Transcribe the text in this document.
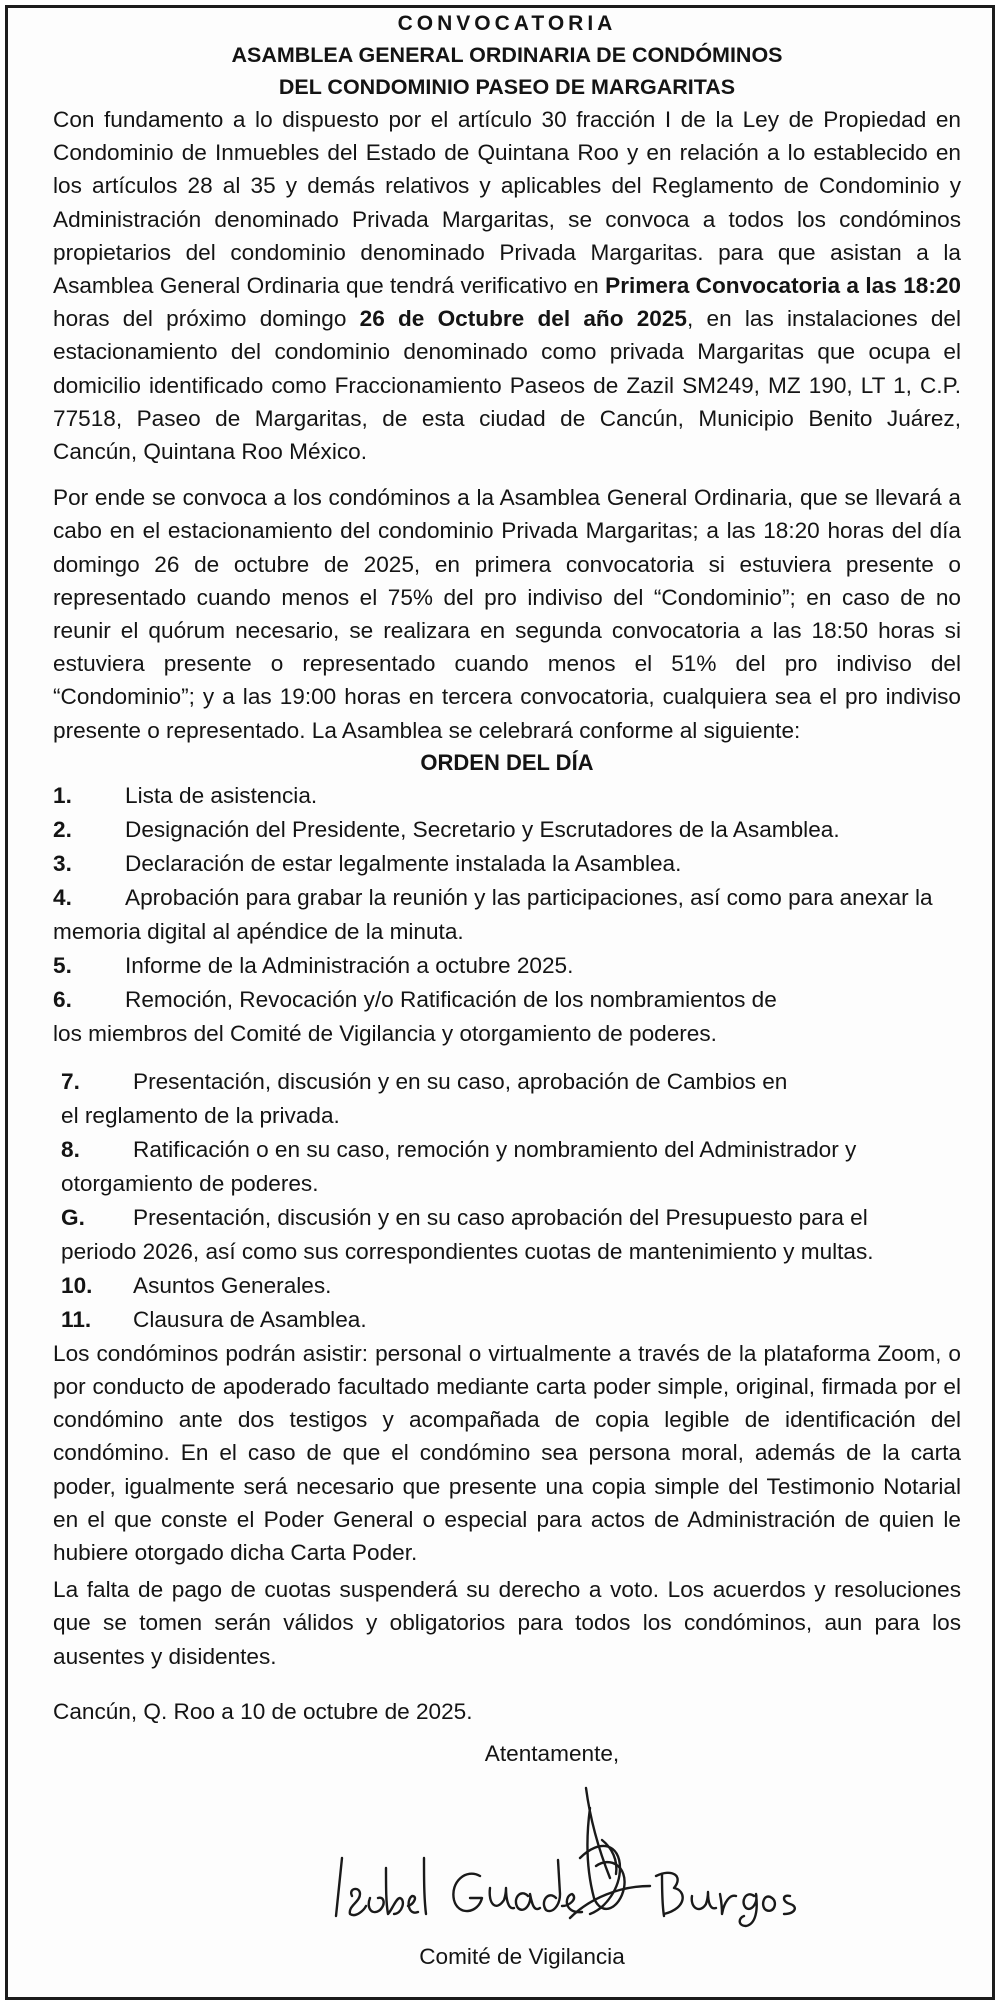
CONVOCATORIA
ASAMBLEA GENERAL ORDINARIA DE CONDÓMINOS
DEL CONDOMINIO PASEO DE MARGARITAS

Con fundamento a lo dispuesto por el artículo 30 fracción I de la Ley de Propiedad en Condominio de Inmuebles del Estado de Quintana Roo y en relación a lo establecido en los artículos 28 al 35 y demás relativos y aplicables del Reglamento de Condominio y Administración denominado Privada Margaritas, se convoca a todos los condóminos propietarios del condominio denominado Privada Margaritas. para que asistan a la Asamblea General Ordinaria que tendrá verificativo en Primera Convocatoria a las 18:20 horas del próximo domingo 26 de Octubre del año 2025, en las instalaciones del estacionamiento del condominio denominado como privada Margaritas que ocupa el domicilio identificado como Fraccionamiento Paseos de Zazil SM249, MZ 190, LT 1, C.P. 77518, Paseo de Margaritas, de esta ciudad de Cancún, Municipio Benito Juárez, Cancún, Quintana Roo México.

Por ende se convoca a los condóminos a la Asamblea General Ordinaria, que se llevará a cabo en el estacionamiento del condominio Privada Margaritas; a las 18:20 horas del día domingo 26 de octubre de 2025, en primera convocatoria si estuviera presente o representado cuando menos el 75% del pro indiviso del “Condominio”; en caso de no reunir el quórum necesario, se realizara en segunda convocatoria a las 18:50 horas si estuviera presente o representado cuando menos el 51% del pro indiviso del “Condominio”; y a las 19:00 horas en tercera convocatoria, cualquiera sea el pro indiviso presente o representado. La Asamblea se celebrará conforme al siguiente:

ORDEN DEL DÍA
1.	Lista de asistencia.
2.	Designación del Presidente, Secretario y Escrutadores de la Asamblea.
3.	Declaración de estar legalmente instalada la Asamblea.
4. Aprobación para grabar la reunión y las participaciones, así como para anexar la memoria digital al apéndice de la minuta.
5.	Informe de la Administración a octubre 2025.
6. Remoción, Revocación y/o Ratificación de los nombramientos de los miembros del Comité de Vigilancia y otorgamiento de poderes.
7. Presentación, discusión y en su caso, aprobación de Cambios en el reglamento de la privada.
8. Ratificación o en su caso, remoción y nombramiento del Administrador y otorgamiento de poderes.
G. Presentación, discusión y en su caso aprobación del Presupuesto para el periodo 2026, así como sus correspondientes cuotas de mantenimiento y multas.
10.	Asuntos Generales.
11.	Clausura de Asamblea.

Los condóminos podrán asistir: personal o virtualmente a través de la plataforma Zoom, o por conducto de apoderado facultado mediante carta poder simple, original, firmada por el condómino ante dos testigos y acompañada de copia legible de identificación del condómino. En el caso de que el condómino sea persona moral, además de la carta poder, igualmente será necesario que presente una copia simple del Testimonio Notarial en el que conste el Poder General o especial para actos de Administración de quien le hubiere otorgado dicha Carta Poder.

La falta de pago de cuotas suspenderá su derecho a voto. Los acuerdos y resoluciones que se tomen serán válidos y obligatorios para todos los condóminos, aun para los ausentes y disidentes.

Cancún, Q. Roo a 10 de octubre de 2025.
Atentamente,
Comité de Vigilancia
